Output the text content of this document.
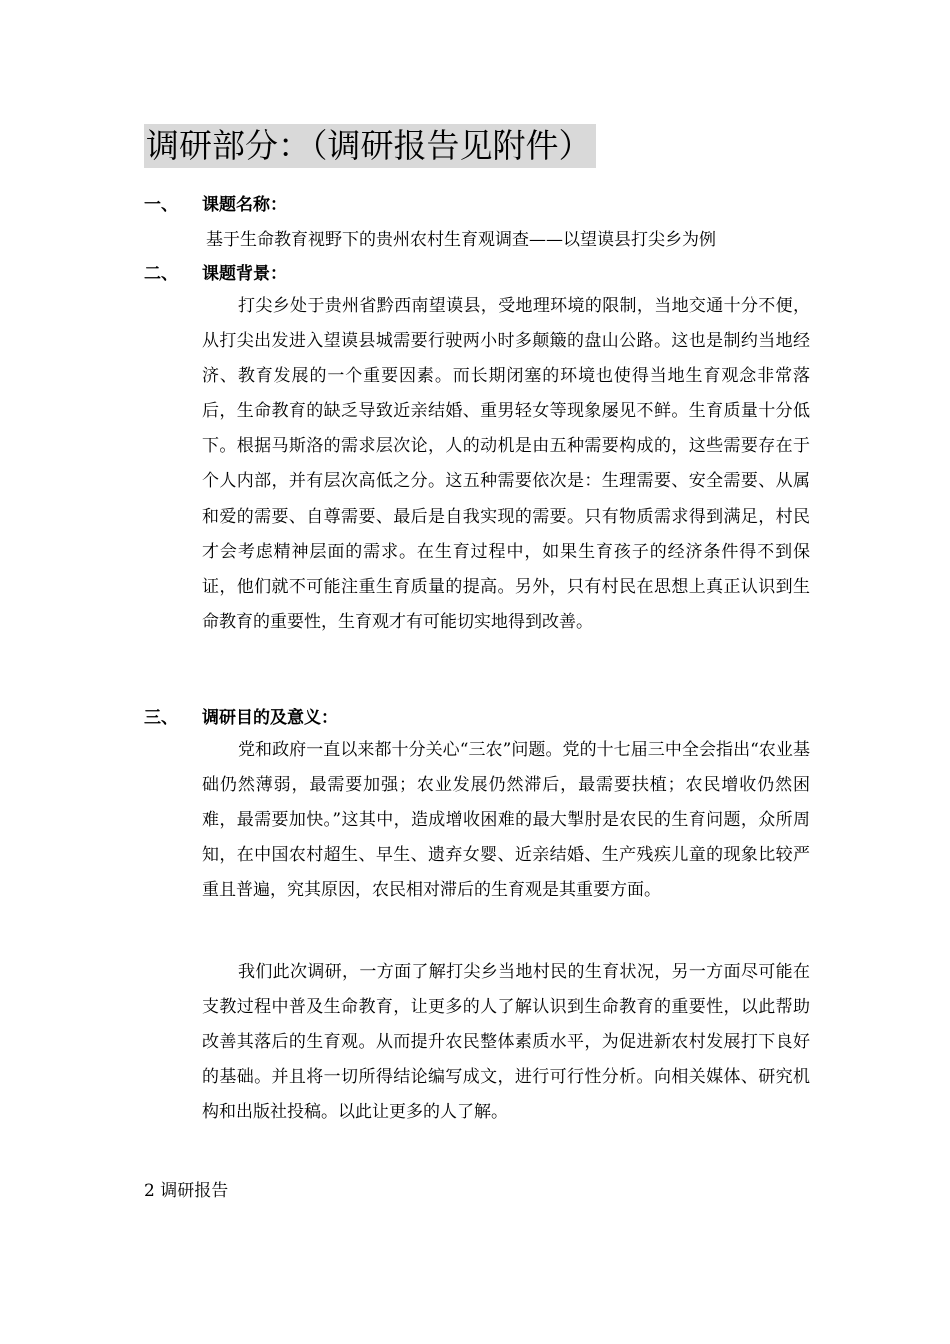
调研部分：（调研报告见附件）
一、 课题名称：
基于生命教育视野下的贵州农村生育观调查——以望谟县打尖乡为例
二、 课题背景：

打尖乡处于贵州省黔西南望谟县，受地理环境的限制，当地交通十分不便，从打尖出发进入望谟县城需要行驶两小时多颠簸的盘山公路。这也是制约当地经济、教育发展的一个重要因素。而长期闭塞的环境也使得当地生育观念非常落后，生命教育的缺乏导致近亲结婚、重男轻女等现象屡见不鲜。生育质量十分低下。根据马斯洛的需求层次论，人的动机是由五种需要构成的，这些需要存在于个人内部，并有层次高低之分。这五种需要依次是：生理需要、安全需要、从属和爱的需要、自尊需要、最后是自我实现的需要。只有物质需求得到满足，村民才会考虑精神层面的需求。在生育过程中，如果生育孩子的经济条件得不到保证，他们就不可能注重生育质量的提高。另外，只有村民在思想上真正认识到生命教育的重要性，生育观才有可能切实地得到改善。

三、 调研目的及意义：

党和政府一直以来都十分关心“三农”问题。党的十七届三中全会指出“农业基础仍然薄弱，最需要加强；农业发展仍然滞后，最需要扶植；农民增收仍然困难，最需要加快。”这其中，造成增收困难的最大掣肘是农民的生育问题，众所周知，在中国农村超生、早生、遗弃女婴、近亲结婚、生产残疾儿童的现象比较严重且普遍，究其原因，农民相对滞后的生育观是其重要方面。

我们此次调研，一方面了解打尖乡当地村民的生育状况，另一方面尽可能在支教过程中普及生命教育，让更多的人了解认识到生命教育的重要性，以此帮助改善其落后的生育观。从而提升农民整体素质水平，为促进新农村发展打下良好的基础。并且将一切所得结论编写成文，进行可行性分析。向相关媒体、研究机构和出版社投稿。以此让更多的人了解。

2 调研报告
